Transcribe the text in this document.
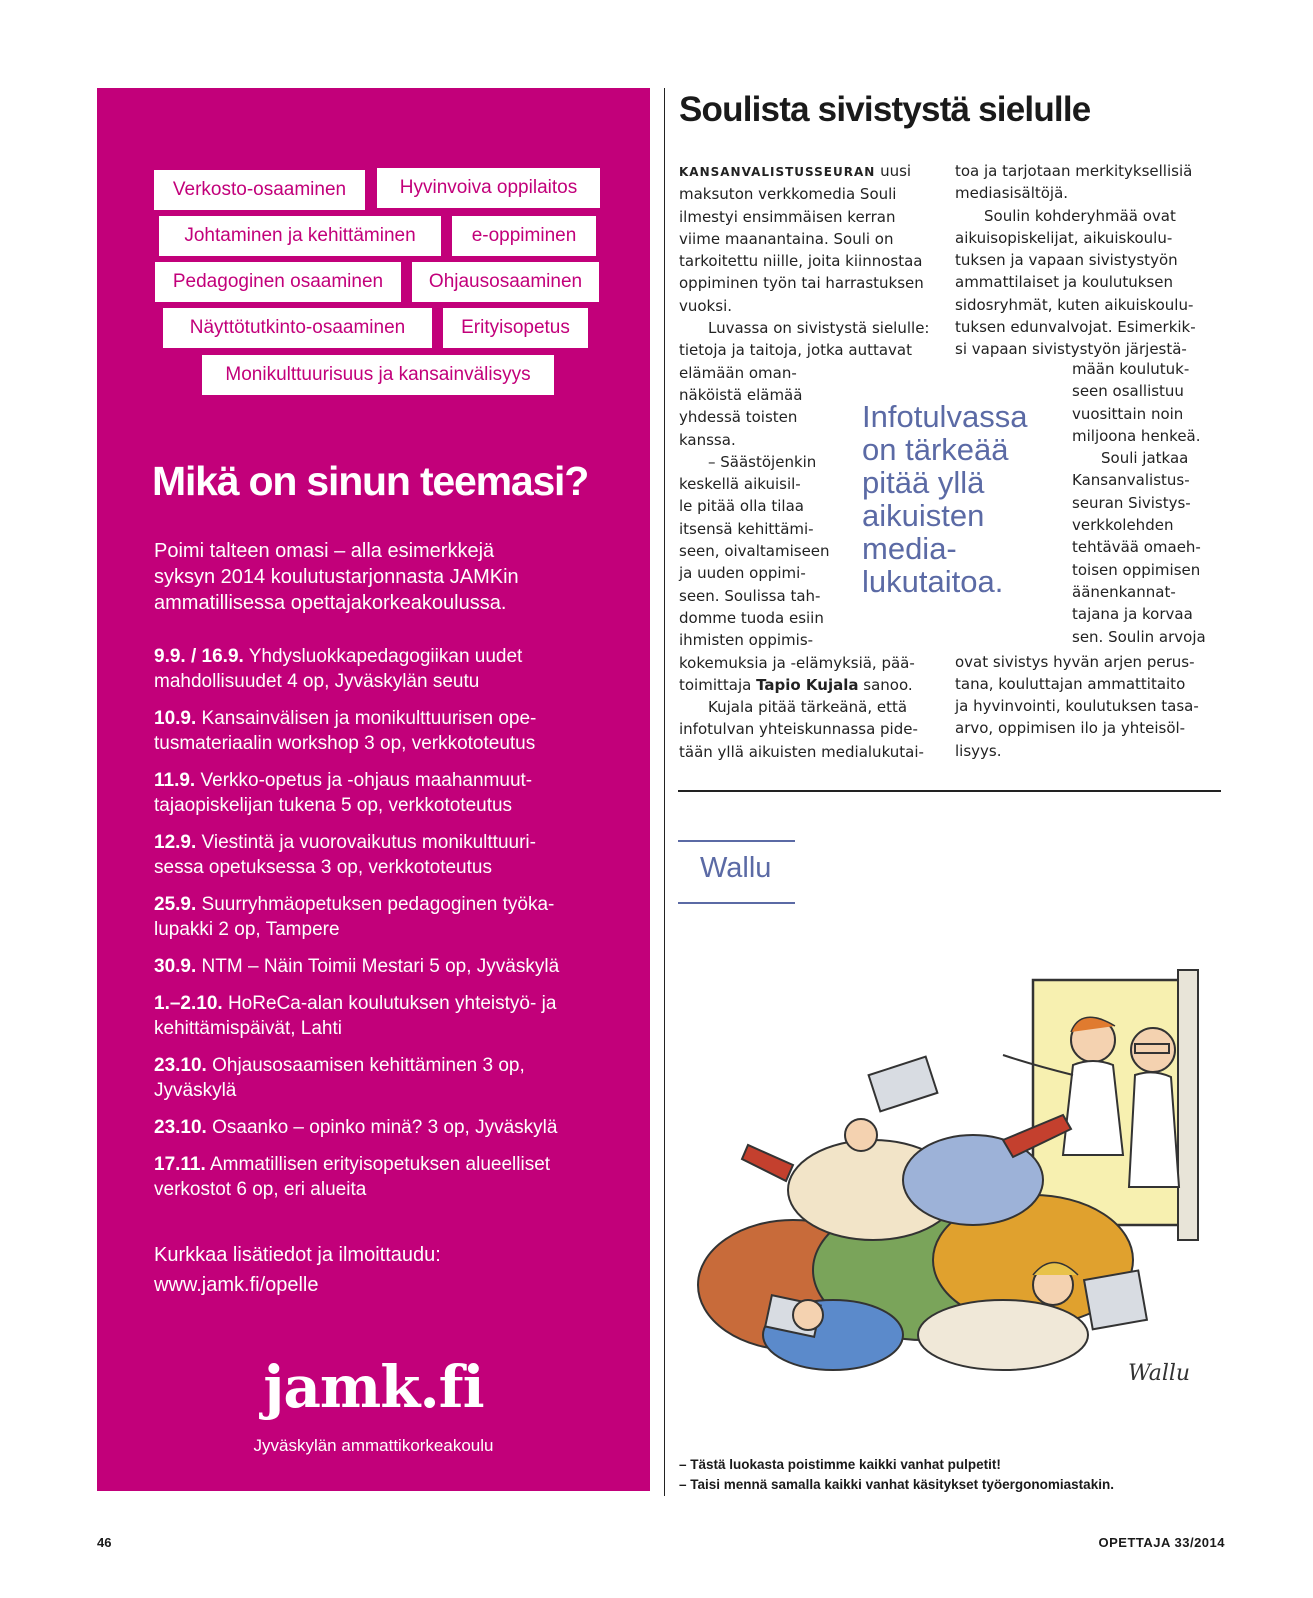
Verkosto-osaaminen	Hyvinvoiva oppilaitos
Johtaminen ja kehittäminen	e-oppiminen
Pedagoginen osaaminen	Ohjausosaaminen
Näyttötutkinto-osaaminen	Erityisopetus
Monikulttuurisuus ja kansainvälisyys
Mikä on sinun teemasi?
Poimi talteen omasi – alla esimerkkejä
syksyn 2014 koulutustarjonnasta JAMKin
ammatillisessa opettajakorkeakoulussa.
9.9. / 16.9. Yhdysluokkapedagogiikan uudet
mahdollisuudet 4 op, Jyväskylän seutu
10.9. Kansainvälisen ja monikulttuurisen ope-
tusmateriaalin workshop 3 op, verkkototeutus
11.9. Verkko-opetus ja -ohjaus maahanmuut-
tajaopiskelijan tukena 5 op, verkkototeutus
12.9. Viestintä ja vuorovaikutus monikulttuuri-
sessa opetuksessa 3 op, verkkototeutus
25.9. Suurryhmäopetuksen pedagoginen työka-
lupakki 2 op, Tampere
30.9. NTM – Näin Toimii Mestari 5 op, Jyväskylä
1.–2.10. HoReCa-alan koulutuksen yhteistyö- ja
kehittämispäivät, Lahti
23.10. Ohjausosaamisen kehittäminen 3 op,
Jyväskylä
23.10. Osaanko – opinko minä? 3 op, Jyväskylä
17.11. Ammatillisen erityisopetuksen alueelliset
verkostot 6 op, eri alueita
Kurkkaa lisätiedot ja ilmoittaudu:
www.jamk.fi/opelle
jamk.fi
Jyväskylän ammattikorkeakoulu
Soulista sivistystä sielulle
KANSANVALISTUSSEURAN uusi
maksuton verkkomedia Souli
ilmestyi ensimmäisen kerran
viime maanantaina. Souli on
tarkoitettu niille, joita kiinnostaa
oppiminen työn tai harrastuksen
vuoksi.
Luvassa on sivistystä sielulle:
tietoja ja taitoja, jotka auttavat
elämään oman-
näköistä elämää
yhdessä toisten
kanssa.
– Säästöjenkin
keskellä aikuisil-
le pitää olla tilaa
itsensä kehittämi-
seen, oivaltamiseen
ja uuden oppimi-
seen. Soulissa tah-
domme tuoda esiin
ihmisten oppimis-
kokemuksia ja -elämyksiä, pää-
toimittaja Tapio Kujala sanoo.
Kujala pitää tärkeänä, että
infotulvan yhteiskunnassa pide-
tään yllä aikuisten medialukutai-
toa ja tarjotaan merkityksellisiä
mediasisältöjä.
Soulin kohderyhmää ovat
aikuisopiskelijat, aikuiskoulu-
tuksen ja vapaan sivistystyön
ammattilaiset ja koulutuksen
sidosryhmät, kuten aikuiskoulu-
tuksen edunvalvojat. Esimerkik-
si vapaan sivistystyön järjestä-
ovat sivistys hyvän arjen perus-
tana, kouluttajan ammattitaito
ja hyvinvointi, koulutuksen tasa-
arvo, oppimisen ilo ja yhteisöl-
lisyys.
mään koulutuk-
seen osallistuu
vuosittain noin
miljoona henkeä.
Souli jatkaa
Kansanvalistus-
seuran Sivistys-
verkkolehden
tehtävää omaeh-
toisen oppimisen
äänenkannat-
tajana ja korvaa
sen. Soulin arvoja
Infotulvassa
on tärkeää
pitää yllä
aikuisten
media-
lukutaitoa.
Wallu
Wallu
– Tästä luokasta poistimme kaikki vanhat pulpetit!
– Taisi mennä samalla kaikki vanhat käsitykset työergonomiastakin.
46	OPETTAJA 33/2014
